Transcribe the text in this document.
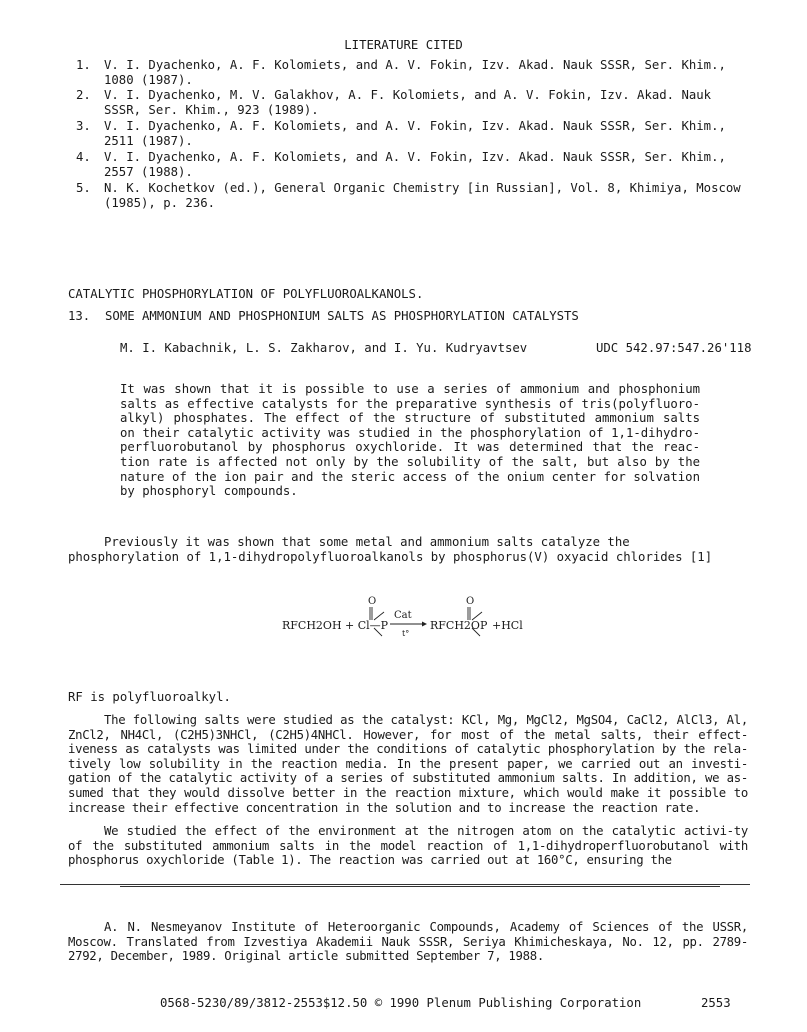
LITERATURE CITED
1. V. I. Dyachenko, A. F. Kolomiets, and A. V. Fokin, Izv. Akad. Nauk SSSR, Ser. Khim.,
1080 (1987).
2. V. I. Dyachenko, M. V. Galakhov, A. F. Kolomiets, and A. V. Fokin, Izv. Akad. Nauk
SSSR, Ser. Khim., 923 (1989).
3. V. I. Dyachenko, A. F. Kolomiets, and A. V. Fokin, Izv. Akad. Nauk SSSR, Ser. Khim.,
2511 (1987).
4. V. I. Dyachenko, A. F. Kolomiets, and A. V. Fokin, Izv. Akad. Nauk SSSR, Ser. Khim.,
2557 (1988).
5. N. K. Kochetkov (ed.), General Organic Chemistry [in Russian], Vol. 8, Khimiya, Moscow
(1985), p. 236.
CATALYTIC PHOSPHORYLATION OF POLYFLUOROALKANOLS.
13.  SOME AMMONIUM AND PHOSPHONIUM SALTS AS PHOSPHORYLATION CATALYSTS
M. I. Kabachnik, L. S. Zakharov, and I. Yu. Kudryavtsev	UDC 542.97:547.26'118
It was shown that it is possible to use a series of ammonium and phosphonium salts as effective catalysts for the preparative synthesis of tris(polyfluoro-alkyl) phosphates. The effect of the structure of substituted ammonium salts on their catalytic activity was studied in the phosphorylation of 1,1-dihydro-perfluorobutanol by phosphorus oxychloride. It was determined that the reac-tion rate is affected not only by the solubility of the salt, but also by the nature of the ion pair and the steric access of the onium center for solvation by phosphoryl compounds.
Previously it was shown that some metal and ammonium salts catalyze the phosphorylation of 1,1-dihydropolyfluoroalkanols by phosphorus(V) oxyacid chlorides [1]

O	O

RFCH2OH + Cl—P

Cat

t°

RFCH2OP

+HCl

RF is polyfluoroalkyl.
The following salts were studied as the catalyst: KCl, Mg, MgCl2, MgSO4, CaCl2, AlCl3, Al, ZnCl2, NH4Cl, (C2H5)3NHCl, (C2H5)4NHCl. However, for most of the metal salts, their effect-iveness as catalysts was limited under the conditions of catalytic phosphorylation by the rela-tively low solubility in the reaction media. In the present paper, we carried out an investi-gation of the catalytic activity of a series of substituted ammonium salts. In addition, we as-sumed that they would dissolve better in the reaction mixture, which would make it possible to increase their effective concentration in the solution and to increase the reaction rate.
We studied the effect of the environment at the nitrogen atom on the catalytic activi-ty of the substituted ammonium salts in the model reaction of 1,1-dihydroperfluorobutanol with phosphorus oxychloride (Table 1). The reaction was carried out at 160°C, ensuring the
A. N. Nesmeyanov Institute of Heteroorganic Compounds, Academy of Sciences of the USSR, Moscow. Translated from Izvestiya Akademii Nauk SSSR, Seriya Khimicheskaya, No. 12, pp. 2789-2792, December, 1989. Original article submitted September 7, 1988.
0568-5230/89/3812-2553$12.50 © 1990 Plenum Publishing Corporation	2553
